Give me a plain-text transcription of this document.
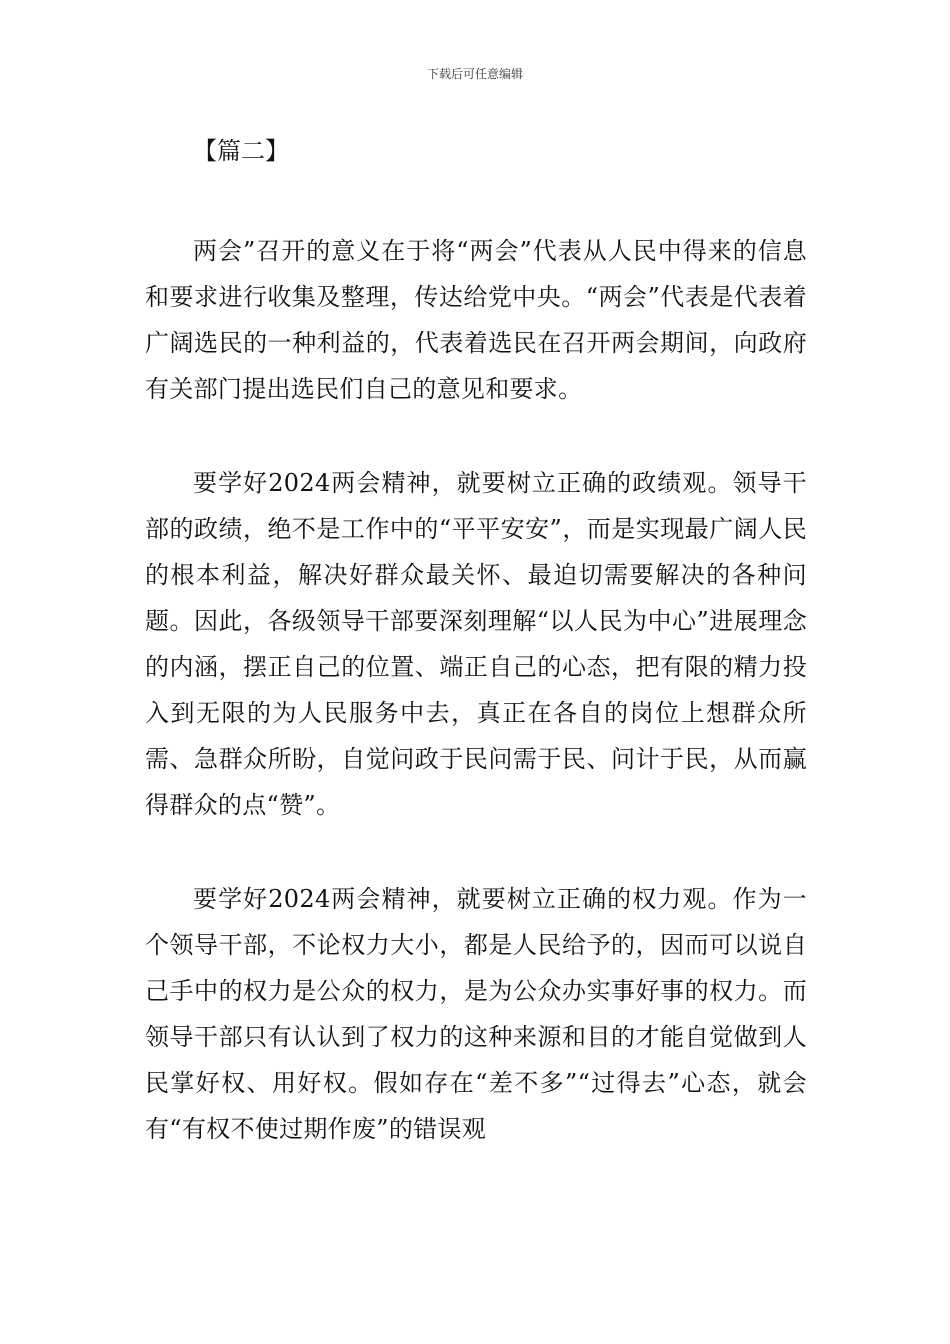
下载后可任意编辑
【篇二】

两会”召开的意义在于将“两会”代表从人民中得来的信息和要求进行收集及整理，传达给党中央。“两会”代表是代表着广阔选民的一种利益的，代表着选民在召开两会期间，向政府有关部门提出选民们自己的意见和要求。

要学好2024两会精神，就要树立正确的政绩观。领导干部的政绩，绝不是工作中的“平平安安”，而是实现最广阔人民的根本利益，解决好群众最关怀、最迫切需要解决的各种问题。因此，各级领导干部要深刻理解“以人民为中心”进展理念的内涵，摆正自己的位置、端正自己的心态，把有限的精力投入到无限的为人民服务中去，真正在各自的岗位上想群众所需、急群众所盼，自觉问政于民问需于民、问计于民，从而赢得群众的点“赞”。

要学好2024两会精神，就要树立正确的权力观。作为一个领导干部，不论权力大小，都是人民给予的，因而可以说自己手中的权力是公众的权力，是为公众办实事好事的权力。而领导干部只有认认到了权力的这种来源和目的才能自觉做到人民掌好权、用好权。假如存在“差不多”“过得去”心态，就会有“有权不使过期作废”的错误观
